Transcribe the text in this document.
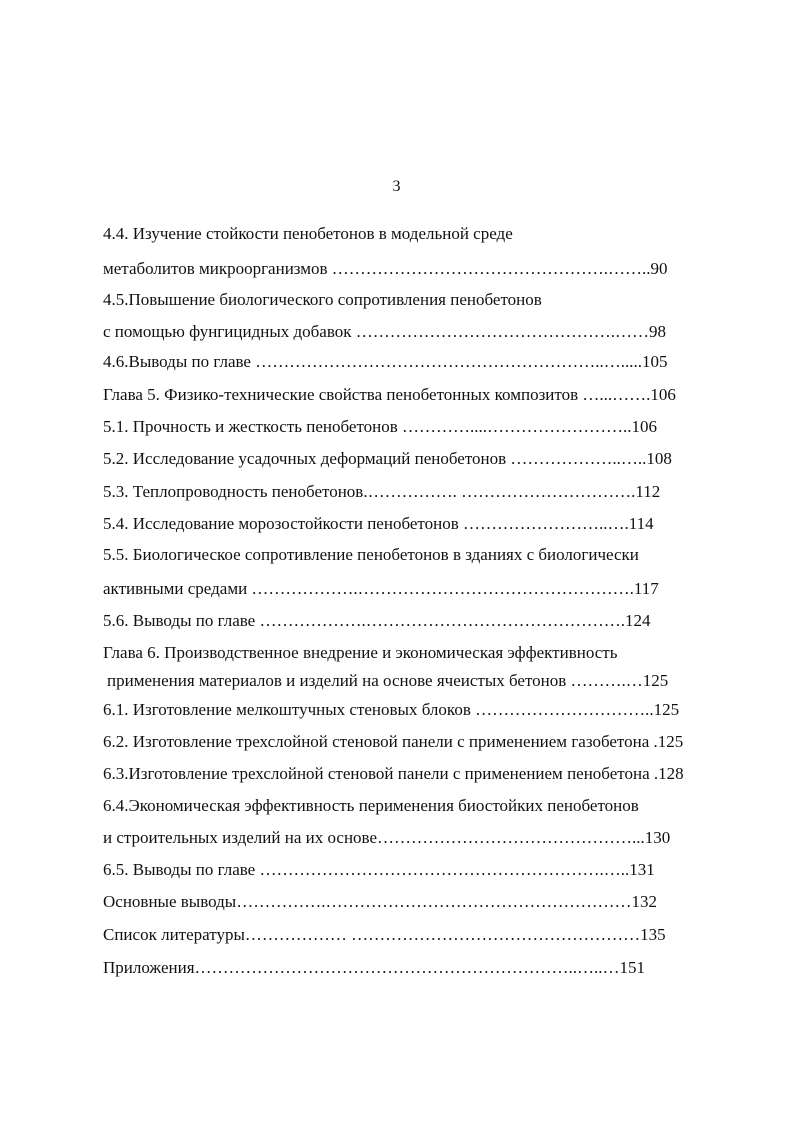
3
4.4. Изучение стойкости пенобетонов в модельной среде
метаболитов микроорганизмов ………………………………………….……..90
4.5.Повышение биологического сопротивления пенобетонов
с помощью фунгицидных добавок ……………………………………….……98
4.6.Выводы по главе ……………………………………………………..….....105
Глава 5. Физико-технические свойства пенобетонных композитов …...…….106
5.1. Прочность и жесткость пенобетонов …………....……………………..106
5.2. Исследование усадочных деформаций пенобетонов ………………..…..108
5.3. Теплопроводность пенобетонов.……………. ………………………….112
5.4. Исследование морозостойкости пенобетонов ……………………..….114
5.5. Биологическое сопротивление пенобетонов в зданиях с биологически
активными средами ……………….………………………………………….117
5.6. Выводы по главе ……………….……………………………………….124
Глава 6. Производственное внедрение и экономическая эффективность
применения материалов и изделий на основе ячеистых бетонов ……….…125
6.1. Изготовление мелкоштучных стеновых блоков …………………………..125
6.2. Изготовление трехслойной стеновой панели с применением газобетона .125
6.3.Изготовление трехслойной стеновой панели с применением пенобетона .128
6.4.Экономическая эффективность перименения биостойких пенобетонов
и строительных изделий на их основе………………………………………...130
6.5. Выводы по главе …………………………………………………….…..131
Основные выводы…………….………………………………………………132
Список литературы……………… ……………………………………………135
Приложения…………………………………………………………..…..…151
